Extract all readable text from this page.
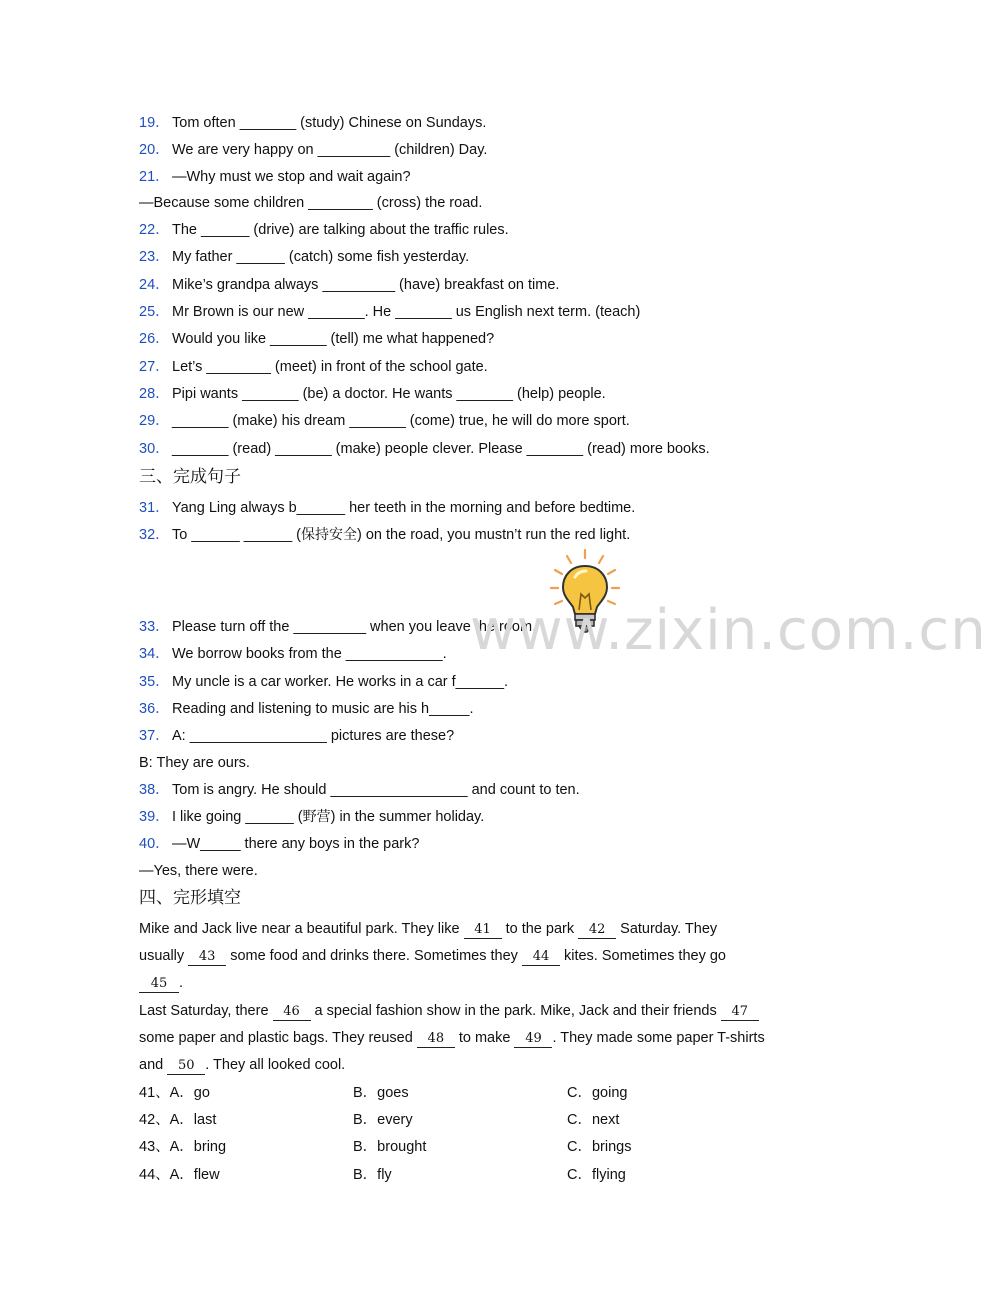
19． Tom often _______ (study) Chinese on Sundays.
20． We are very happy on _________ (children) Day.
21． —Why must we stop and wait again?
—Because some children ________ (cross) the road.
22． The ______ (drive) are talking about the traffic rules.
23． My father ______ (catch) some fish yesterday.
24． Mike’s grandpa always _________ (have) breakfast on time.
25． Mr Brown is our new _______. He _______ us English next term. (teach)
26． Would you like _______ (tell) me what happened?
27． Let’s ________ (meet) in front of the school gate.
28． Pipi wants _______ (be) a doctor. He wants _______ (help) people.
29． _______ (make) his dream _______ (come) true, he will do more sport.
30． _______ (read) _______ (make) people clever. Please _______ (read) more books.
三、完成句子
31． Yang Ling always b______ her teeth in the morning and before bedtime.
32． To ______ ______ (保持安全) on the road, you mustn’t run the red light.
33． Please turn off the _________ when you leave the room.
34． We borrow books from the ____________.
35． My uncle is a car worker. He works in a car f______.
36． Reading and listening to music are his h_____.
37． A: _________________ pictures are these?
B: They are ours.
38． Tom is angry. He should _________________ and count to ten.
39． I like going ______ (野营) in the summer holiday.
40． —W_____ there any boys in the park?
—Yes, there were.
四、完形填空
Mike and Jack live near a beautiful park. They like 41 to the park 42 Saturday. They
usually 43 some food and drinks there. Sometimes they 44 kites. Sometimes they go
45 .
Last Saturday, there 46 a special fashion show in the park. Mike, Jack and their friends 47
some paper and plastic bags. They reused 48 to make 49 . They made some paper T-shirts
and 50 . They all looked cool.
41、A．go	B．goes	C．going
42、A．last	B．every	C．next
43、A．bring	B．brought	C．brings
44、A．flew	B．fly	C．flying
www.zixin.com.cn
